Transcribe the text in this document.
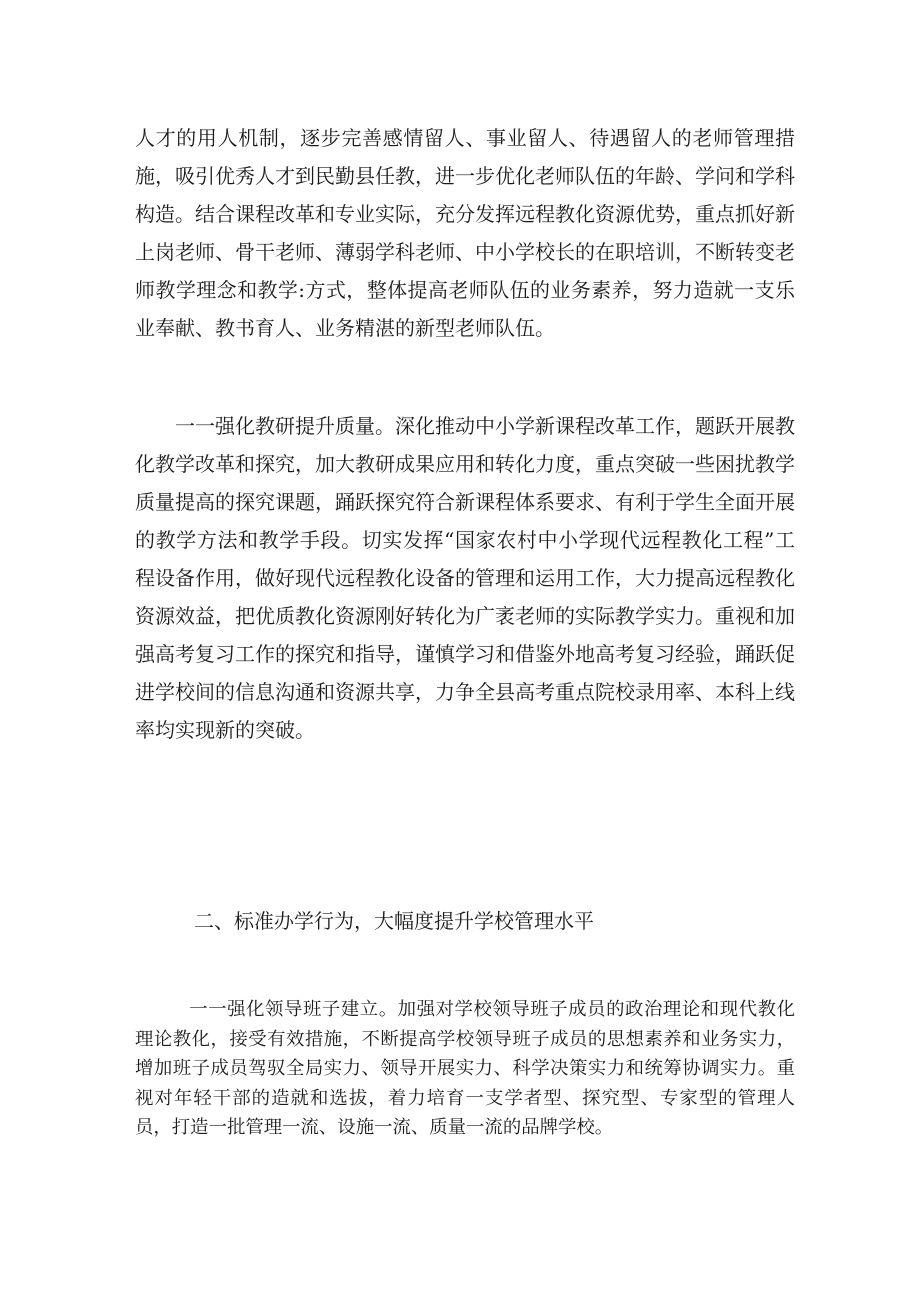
人才的用人机制，逐步完善感情留人、事业留人、待遇留人的老师管理措施，吸引优秀人才到民勤县任教，进一步优化老师队伍的年龄、学问和学科构造。结合课程改革和专业实际，充分发挥远程教化资源优势，重点抓好新上岗老师、骨干老师、薄弱学科老师、中小学校长的在职培训，不断转变老师教学理念和教学:方式，整体提高老师队伍的业务素养，努力造就一支乐业奉献、教书育人、业务精湛的新型老师队伍。

一一强化教研提升质量。深化推动中小学新课程改革工作，题跃开展教化教学改革和探究，加大教研成果应用和转化力度，重点突破一些困扰教学质量提高的探究课题，踊跃探究符合新课程体系要求、有利于学生全面开展的教学方法和教学手段。切实发挥“国家农村中小学现代远程教化工程”工程设备作用，做好现代远程教化设备的管理和运用工作，大力提高远程教化资源效益，把优质教化资源刚好转化为广袤老师的实际教学实力。重视和加强高考复习工作的探究和指导，谨慎学习和借鉴外地高考复习经验，踊跃促进学校间的信息沟通和资源共享，力争全县高考重点院校录用率、本科上线率均实现新的突破。

二、标准办学行为，大幅度提升学校管理水平

一一强化领导班子建立。加强对学校领导班子成员的政治理论和现代教化理论教化，接受有效措施，不断提高学校领导班子成员的思想素养和业务实力，增加班子成员驾驭全局实力、领导开展实力、科学决策实力和统筹协调实力。重视对年轻干部的造就和选拔，着力培育一支学者型、探究型、专家型的管理人员，打造一批管理一流、设施一流、质量一流的品牌学校。
